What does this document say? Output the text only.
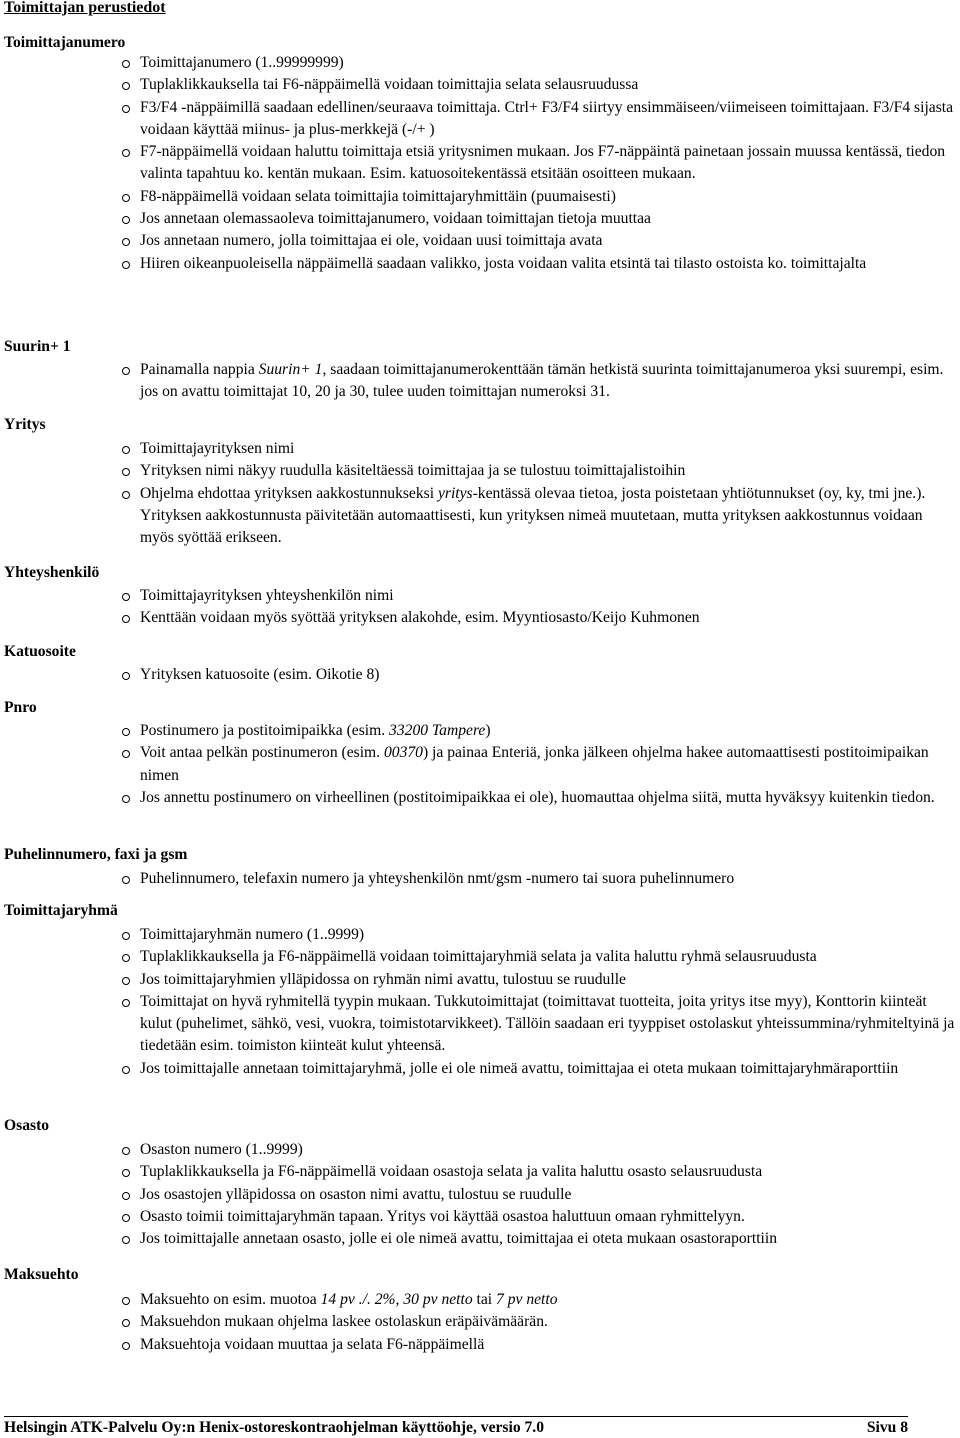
Toimittajan perustiedot
Toimittajanumero
Toimittajanumero (1..99999999)
Tuplaklikkauksella tai F6-näppäimellä voidaan toimittajia selata selausruudussa
F3/F4 -näppäimillä saadaan edellinen/seuraava toimittaja. Ctrl+ F3/F4 siirtyy ensimmäiseen/viimeiseen toimittajaan. F3/F4 sijasta voidaan käyttää miinus- ja plus-merkkejä (-/+ )
F7-näppäimellä voidaan haluttu toimittaja etsiä yritysnimen mukaan. Jos F7-näppäintä painetaan jossain muussa kentässä, tiedon valinta tapahtuu ko. kentän mukaan. Esim. katuosoitekentässä etsitään osoitteen mukaan.
F8-näppäimellä voidaan selata toimittajia toimittajaryhmittäin (puumaisesti)
Jos annetaan olemassaoleva toimittajanumero, voidaan toimittajan tietoja muuttaa
Jos annetaan numero, jolla toimittajaa ei ole, voidaan uusi toimittaja avata
Hiiren oikeanpuoleisella näppäimellä saadaan valikko, josta voidaan valita etsintä tai tilasto ostoista ko. toimittajalta
Suurin+ 1
Painamalla nappia Suurin+ 1, saadaan toimittajanumerokenttään tämän hetkistä suurinta toimittajanumeroa yksi suurempi, esim. jos on avattu toimittajat 10, 20 ja 30, tulee uuden toimittajan numeroksi 31.
Yritys
Toimittajayrityksen nimi
Yrityksen nimi näkyy ruudulla käsiteltäessä toimittajaa ja se tulostuu toimittajalistoihin
Ohjelma ehdottaa yrityksen aakkostunnukseksi yritys-kentässä olevaa tietoa, josta poistetaan yhtiötunnukset (oy, ky, tmi jne.). Yrityksen aakkostunnusta päivitetään automaattisesti, kun yrityksen nimeä muutetaan, mutta yrityksen aakkostunnus voidaan myös syöttää erikseen.
Yhteyshenkilö
Toimittajayrityksen yhteyshenkilön nimi
Kenttään voidaan myös syöttää yrityksen alakohde, esim. Myyntiosasto/Keijo Kuhmonen
Katuosoite
Yrityksen katuosoite (esim. Oikotie 8)
Pnro
Postinumero ja postitoimipaikka (esim. 33200 Tampere)
Voit antaa pelkän postinumeron (esim. 00370) ja painaa Enteriä, jonka jälkeen ohjelma hakee automaattisesti postitoimipaikan nimen
Jos annettu postinumero on virheellinen (postitoimipaikkaa ei ole), huomauttaa ohjelma siitä, mutta hyväksyy kuitenkin tiedon.
Puhelinnumero, faxi ja gsm
Puhelinnumero, telefaxin numero ja yhteyshenkilön nmt/gsm -numero tai suora puhelinnumero
Toimittajaryhmä
Toimittajaryhmän numero (1..9999)
Tuplaklikkauksella ja F6-näppäimellä voidaan toimittajaryhmiä selata ja valita haluttu ryhmä selausruudusta
Jos toimittajaryhmien ylläpidossa on ryhmän nimi avattu, tulostuu se ruudulle
Toimittajat on hyvä ryhmitellä tyypin mukaan. Tukkutoimittajat (toimittavat tuotteita, joita yritys itse myy), Konttorin kiinteät kulut (puhelimet, sähkö, vesi, vuokra, toimistotarvikkeet). Tällöin saadaan eri tyyppiset ostolaskut yhteissummina/ryhmiteltyinä ja tiedetään esim. toimiston kiinteät kulut yhteensä.
Jos toimittajalle annetaan toimittajaryhmä, jolle ei ole nimeä avattu, toimittajaa ei oteta mukaan toimittajaryhmäraporttiin
Osasto
Osaston numero (1..9999)
Tuplaklikkauksella ja F6-näppäimellä voidaan osastoja selata ja valita haluttu osasto selausruudusta
Jos osastojen ylläpidossa on osaston nimi avattu, tulostuu se ruudulle
Osasto toimii toimittajaryhmän tapaan. Yritys voi käyttää osastoa haluttuun omaan ryhmittelyyn.
Jos toimittajalle annetaan osasto, jolle ei ole nimeä avattu, toimittajaa ei oteta mukaan osastoraporttiin
Maksuehto
Maksuehto on esim. muotoa 14 pv ./. 2%, 30 pv netto tai 7 pv netto
Maksuehdon mukaan ohjelma laskee ostolaskun eräpäivämäärän.
Maksuehtoja voidaan muuttaa ja selata F6-näppäimellä
Helsingin ATK-Palvelu Oy:n Henix-ostoreskontraohjelman käyttöohje, versio 7.0	Sivu 8
